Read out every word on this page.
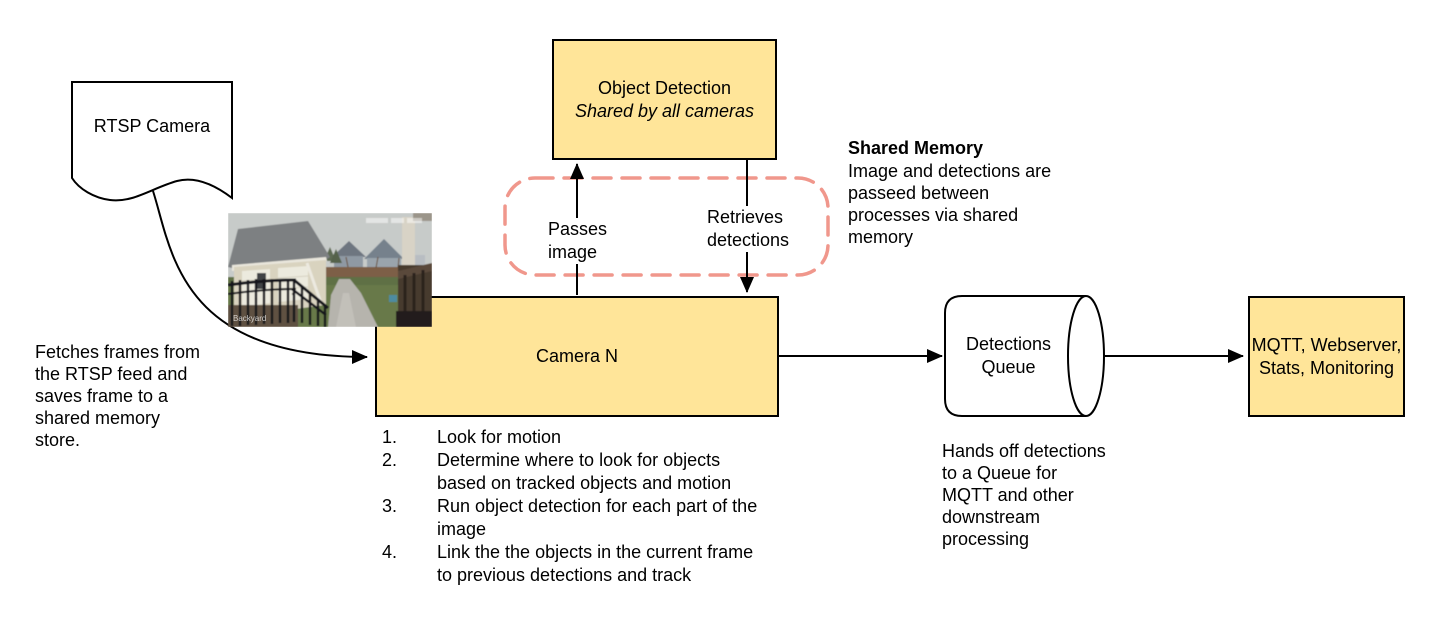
RTSP Camera
Fetches frames from
the RTSP feed and
saves frame to a
shared memory
store.
Object Detection
Shared by all cameras
Shared Memory
Image and detections are
passeed between
processes via shared
memory
Passes
image
Retrieves
detections
Camera N
Backyard
1.	Look for motion
2.	Determine where to look for objects
based on tracked objects and motion
3.	Run object detection for each part of the
image
4.	Link the the objects in the current frame
to previous detections and track
Detections
Queue
Hands off detections
to a Queue for
MQTT and other
downstream
processing
MQTT, Webserver,
Stats, Monitoring
